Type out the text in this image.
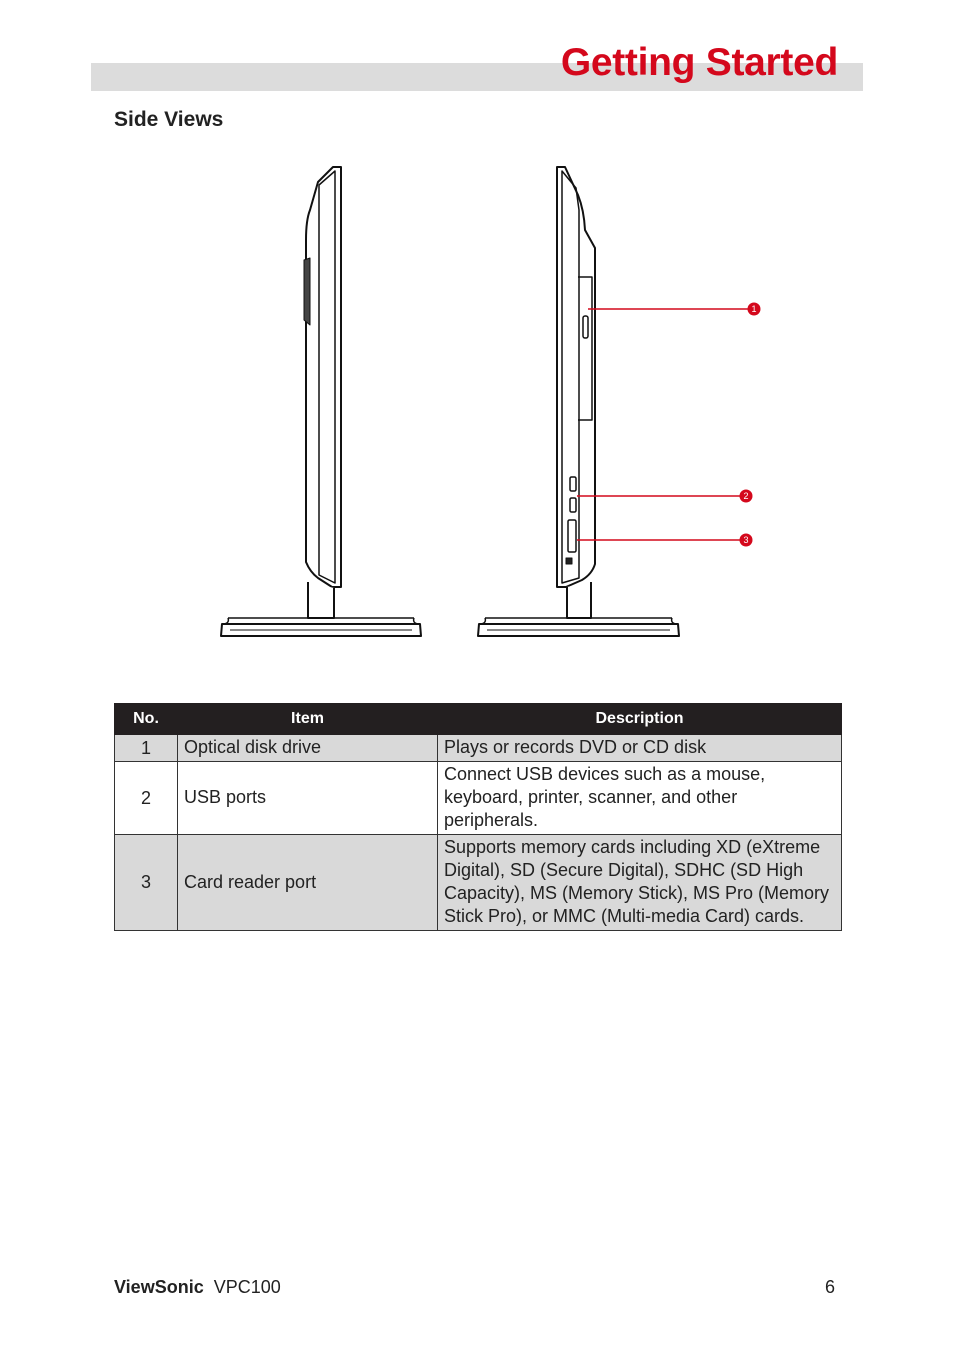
Getting Started
Side Views
1
2
3
No.	Item	Description
1	Optical disk drive	Plays or records DVD or CD disk
2	USB ports	Connect USB devices such as a mouse, keyboard, printer, scanner, and other peripherals.
3	Card reader port	Supports memory cards including XD (eXtreme Digital), SD (Secure Digital), SDHC (SD High Capacity), MS (Memory Stick), MS Pro (Memory Stick Pro), or MMC (Multi-media Card) cards.
ViewSonic VPC100	6
